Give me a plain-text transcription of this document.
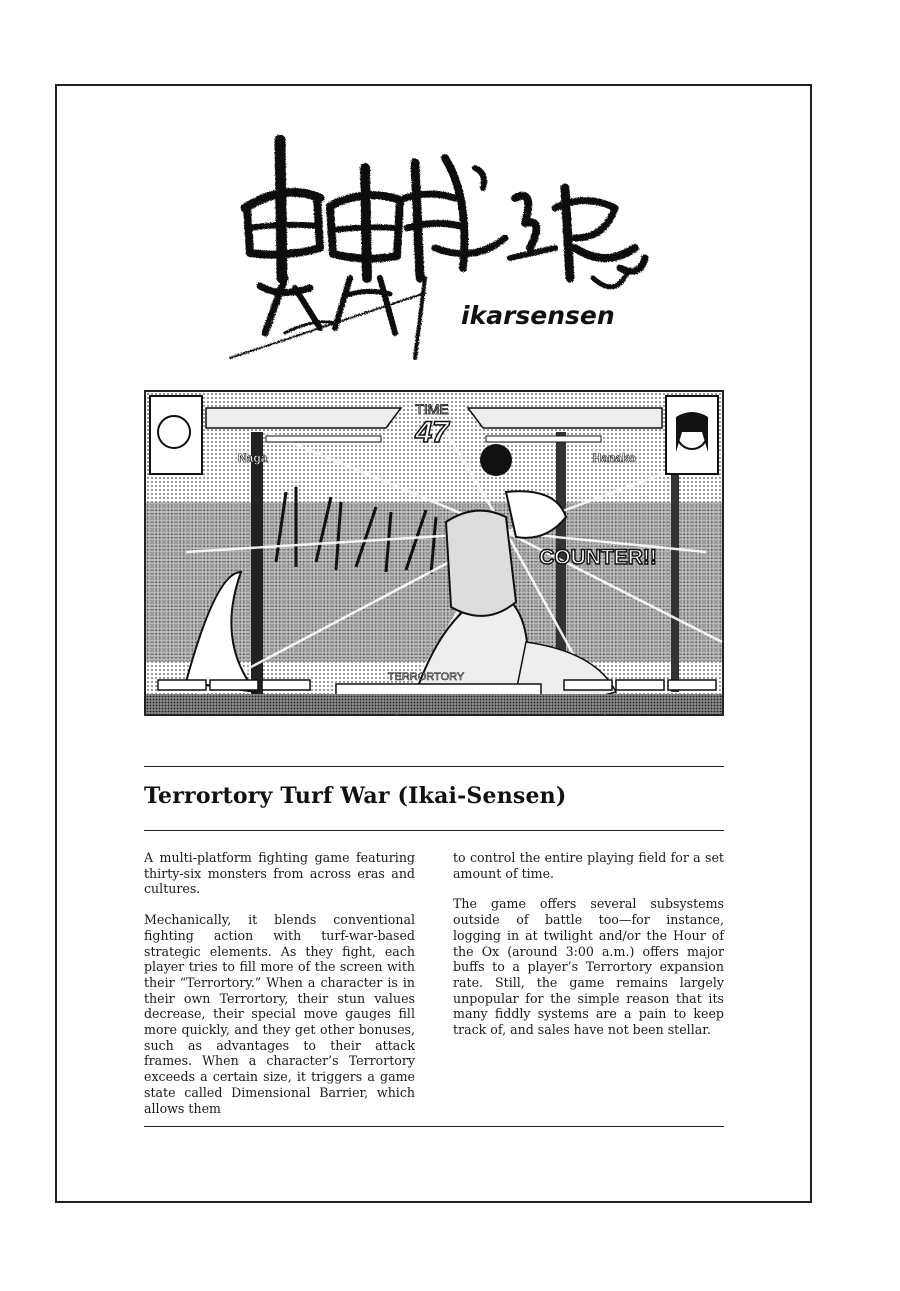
ikarsensen
異界戦線
TIME
47
Naga	Hanako
COUNTER!!
TERRORTORY
Terrortory Turf War (Ikai-Sensen)

A multi-platform fighting game featuring thirty-six monsters from across eras and cultures.

Mechanically, it blends conventional fighting action with turf-war-based strategic elements. As they fight, each player tries to fill more of the screen with their “Terrortory.” When a character is in their own Terrortory, their stun values decrease, their special move gauges fill more quickly, and they get other bonuses, such as advantages to their attack frames. When a character’s Terrortory exceeds a certain size, it triggers a game state called Dimensional Barrier, which allows them

to control the entire playing field for a set amount of time.

The game offers several subsystems outside of battle too—for instance, logging in at twilight and/or the Hour of the Ox (around 3:00 a.m.) offers major buffs to a player’s Terrortory expansion rate. Still, the game remains largely unpopular for the simple reason that its many fiddly systems are a pain to keep track of, and sales have not been stellar.
